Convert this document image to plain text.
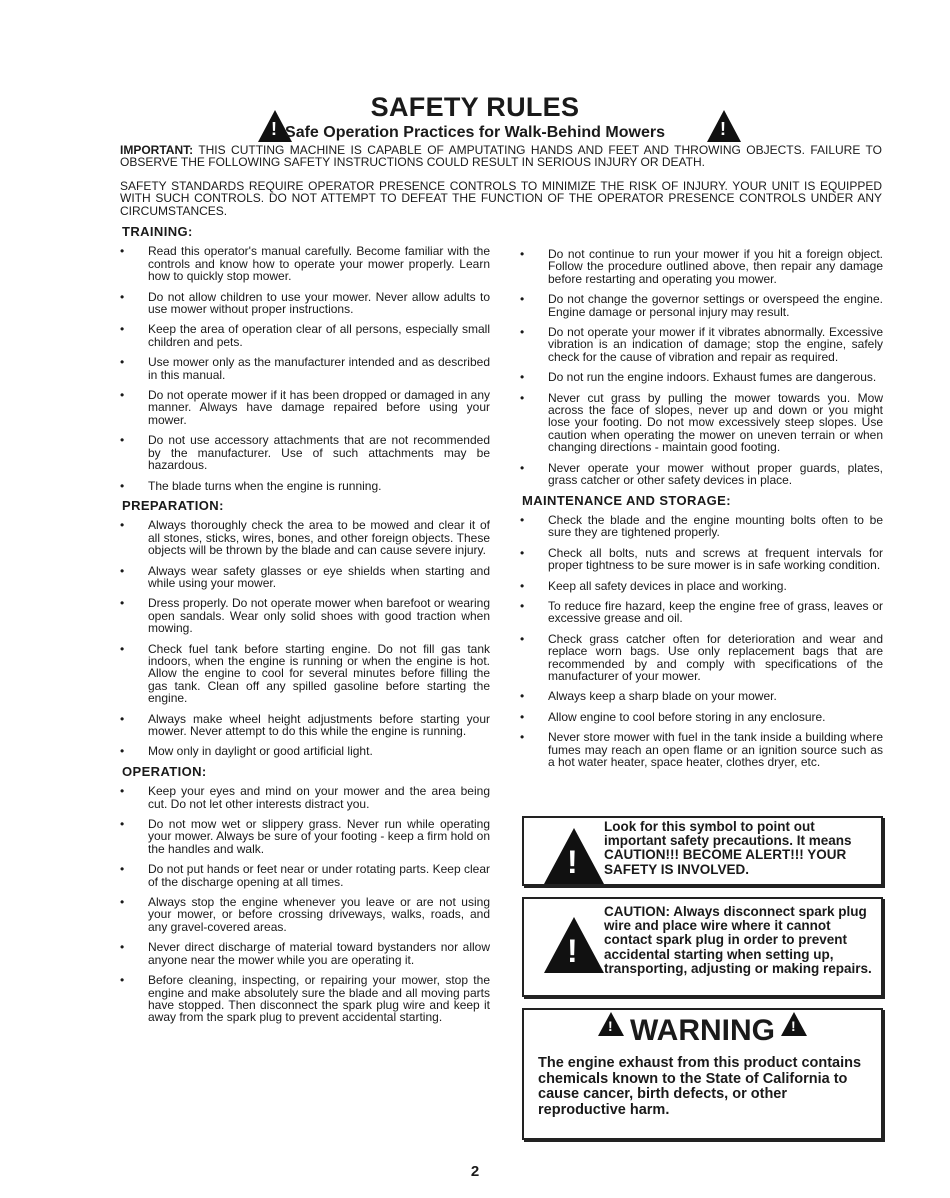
!
!
SAFETY RULES
Safe Operation Practices for Walk-Behind Mowers
IMPORTANT: THIS CUTTING MACHINE IS CAPABLE OF AMPUTATING HANDS AND FEET AND THROWING OBJECTS. FAILURE TO OBSERVE THE FOLLOWING SAFETY INSTRUCTIONS COULD RESULT IN SERIOUS INJURY OR DEATH.
SAFETY STANDARDS REQUIRE OPERATOR PRESENCE CONTROLS TO MINIMIZE THE RISK OF INJURY. YOUR UNIT IS EQUIPPED WITH SUCH CONTROLS. DO NOT ATTEMPT TO DEFEAT THE FUNCTION OF THE OPERATOR PRESENCE CONTROLS UNDER ANY CIRCUMSTANCES.
TRAINING:
• Read this operator's manual carefully. Become familiar with the controls and know how to operate your mower properly. Learn how to quickly stop mower.
• Do not allow children to use your mower. Never allow adults to use mower without proper instructions.
• Keep the area of operation clear of all persons, especially small children and pets.
• Use mower only as the manufacturer intended and as described in this manual.
• Do not operate mower if it has been dropped or damaged in any manner. Always have damage repaired before using your mower.
• Do not use accessory attachments that are not recommended by the manufacturer. Use of such attachments may be hazardous.
• The blade turns when the engine is running.
PREPARATION:
• Always thoroughly check the area to be mowed and clear it of all stones, sticks, wires, bones, and other foreign objects. These objects will be thrown by the blade and can cause severe injury.
• Always wear safety glasses or eye shields when starting and while using your mower.
• Dress properly. Do not operate mower when barefoot or wearing open sandals. Wear only solid shoes with good traction when mowing.
• Check fuel tank before starting engine. Do not fill gas tank indoors, when the engine is running or when the engine is hot. Allow the engine to cool for several minutes before filling the gas tank. Clean off any spilled gasoline before starting the engine.
• Always make wheel height adjustments before starting your mower. Never attempt to do this while the engine is running.
• Mow only in daylight or good artificial light.
OPERATION:
• Keep your eyes and mind on your mower and the area being cut. Do not let other interests distract you.
• Do not mow wet or slippery grass. Never run while operating your mower. Always be sure of your footing - keep a firm hold on the handles and walk.
• Do not put hands or feet near or under rotating parts. Keep clear of the discharge opening at all times.
• Always stop the engine whenever you leave or are not using your mower, or before crossing driveways, walks, roads, and any gravel-covered areas.
• Never direct discharge of material toward bystanders nor allow anyone near the mower while you are operating it.
• Before cleaning, inspecting, or repairing your mower, stop the engine and make absolutely sure the blade and all moving parts have stopped. Then disconnect the spark plug wire and keep it away from the spark plug to prevent accidental starting.
• Do not continue to run your mower if you hit a foreign object. Follow the procedure outlined above, then repair any damage before restarting and operating you mower.
• Do not change the governor settings or overspeed the engine. Engine damage or personal injury may result.
• Do not operate your mower if it vibrates abnormally. Excessive vibration is an indication of damage; stop the engine, safely check for the cause of vibration and repair as required.
• Do not run the engine indoors. Exhaust fumes are dangerous.
• Never cut grass by pulling the mower towards you. Mow across the face of slopes, never up and down or you might lose your footing. Do not mow excessively steep slopes. Use caution when operating the mower on uneven terrain or when changing directions - maintain good footing.
• Never operate your mower without proper guards, plates, grass catcher or other safety devices in place.
MAINTENANCE AND STORAGE:
• Check the blade and the engine mounting bolts often to be sure they are tightened properly.
• Check all bolts, nuts and screws at frequent intervals for proper tightness to be sure mower is in safe working condition.
• Keep all safety devices in place and working.
• To reduce fire hazard, keep the engine free of grass, leaves or excessive grease and oil.
• Check grass catcher often for deterioration and wear and replace worn bags. Use only replacement bags that are recommended by and comply with specifications of the manufacturer of your mower.
• Always keep a sharp blade on your mower.
• Allow engine to cool before storing in any enclosure.
• Never store mower with fuel in the tank inside a building where fumes may reach an open flame or an ignition source such as a hot water heater, space heater, clothes dryer, etc.
!
Look for this symbol to point out important safety precautions. It means CAUTION!!! BECOME ALERT!!! YOUR SAFETY IS INVOLVED.
!
CAUTION: Always disconnect spark plug wire and place wire where it cannot contact spark plug in order to prevent accidental starting when setting up, transporting, adjusting or making repairs.
!WARNING!
The engine exhaust from this product contains chemicals known to the State of California to cause cancer, birth defects, or other reproductive harm.
2
